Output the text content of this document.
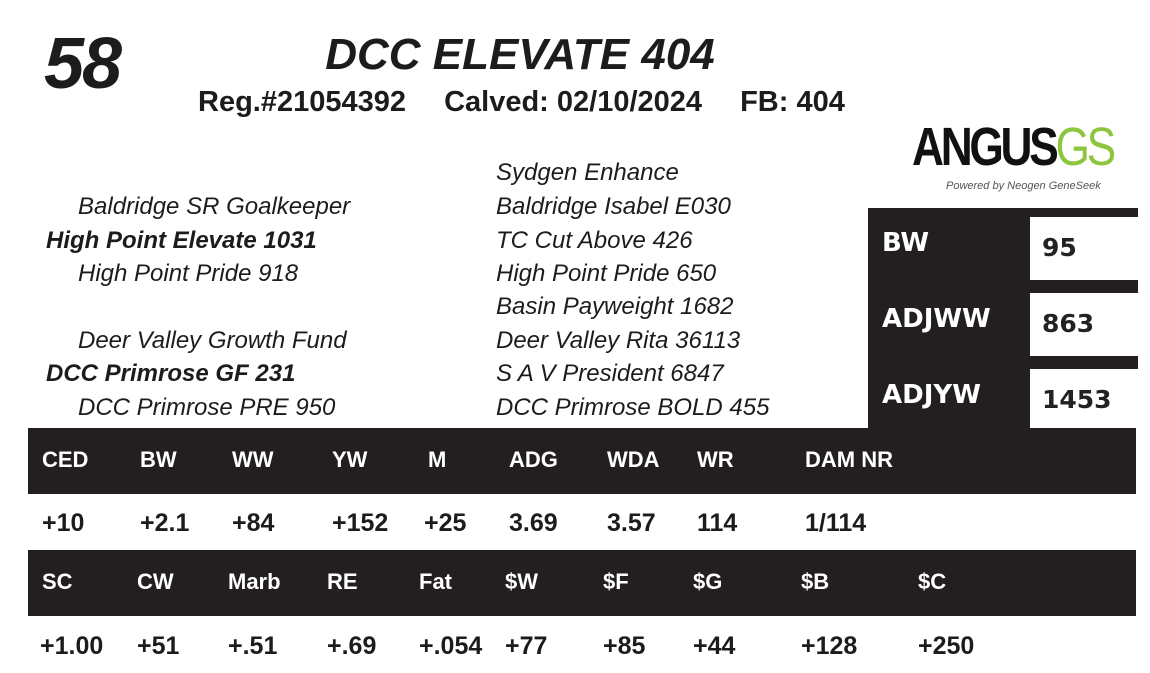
58	DCC ELEVATE 404
Reg.#21054392 Calved: 02/10/2024 FB: 404
ANGUSGS
Powered by Neogen GeneSeek
Baldridge SR Goalkeeper
High Point Elevate 1031
High Point Pride 918
Deer Valley Growth Fund
DCC Primrose GF 231
DCC Primrose PRE 950
Sydgen Enhance
Baldridge Isabel E030
TC Cut Above 426
High Point Pride 650
Basin Payweight 1682
Deer Valley Rita 36113
S A V President 6847
DCC Primrose BOLD 455
BW	95
ADJWW 863
ADJYW 1453
CED BW	WW	YW	M	ADG WDA WR	DAM NR
+10 +2.1 +84 +152 +25 3.69 3.57 114	1/114
SC	CW Marb RE	Fat $W	$F	$G	$B	$C
+1.00 +51 +.51 +.69 +.054 +77 +85 +44	+128 +250
